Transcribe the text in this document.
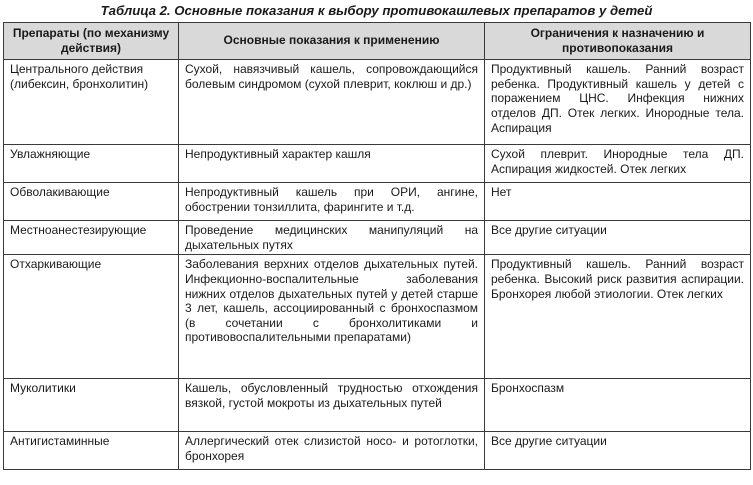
Таблица 2. Основные показания к выбору противокашлевых препаратов у детей
Препараты (по механизму действия)	Основные показания к применению	Ограничения к назначению и противопоказания
Центрального действия (либексин, бронхолитин)	Сухой, навязчивый кашель, сопровождающийся болевым синдромом (сухой плеврит, коклюш и др.)	Продуктивный кашель. Ранний возраст ребенка. Продуктивный кашель у детей с поражением ЦНС. Инфекция нижних отделов ДП. Отек легких. Инородные тела. Аспирация
Увлажняющие	Непродуктивный характер кашля	Сухой плеврит. Инородные тела ДП. Аспирация жидкостей. Отек легких
Обволакивающие	Непродуктивный кашель при ОРИ, ангине, обострении тонзиллита, фарингите и т.д.	Нет
Местноанестезирующие	Проведение медицинских манипуляций на дыхательных путях	Все другие ситуации
Отхаркивающие	Заболевания верхних отделов дыхательных путей. Инфекционно-воспалительные заболевания нижних отделов дыхательных путей у детей старше 3 лет, кашель, ассоциированный с бронхоспазмом (в сочетании с бронхолитиками и противовоспалительными препаратами)	Продуктивный кашель. Ранний возраст ребенка. Высокий риск развития аспирации. Бронхорея любой этиологии. Отек легких
Муколитики	Кашель, обусловленный трудностью отхождения вязкой, густой мокроты из дыхательных путей	Бронхоспазм
Антигистаминные	Аллергический отек слизистой носо- и ротоглотки, бронхорея	Все другие ситуации
